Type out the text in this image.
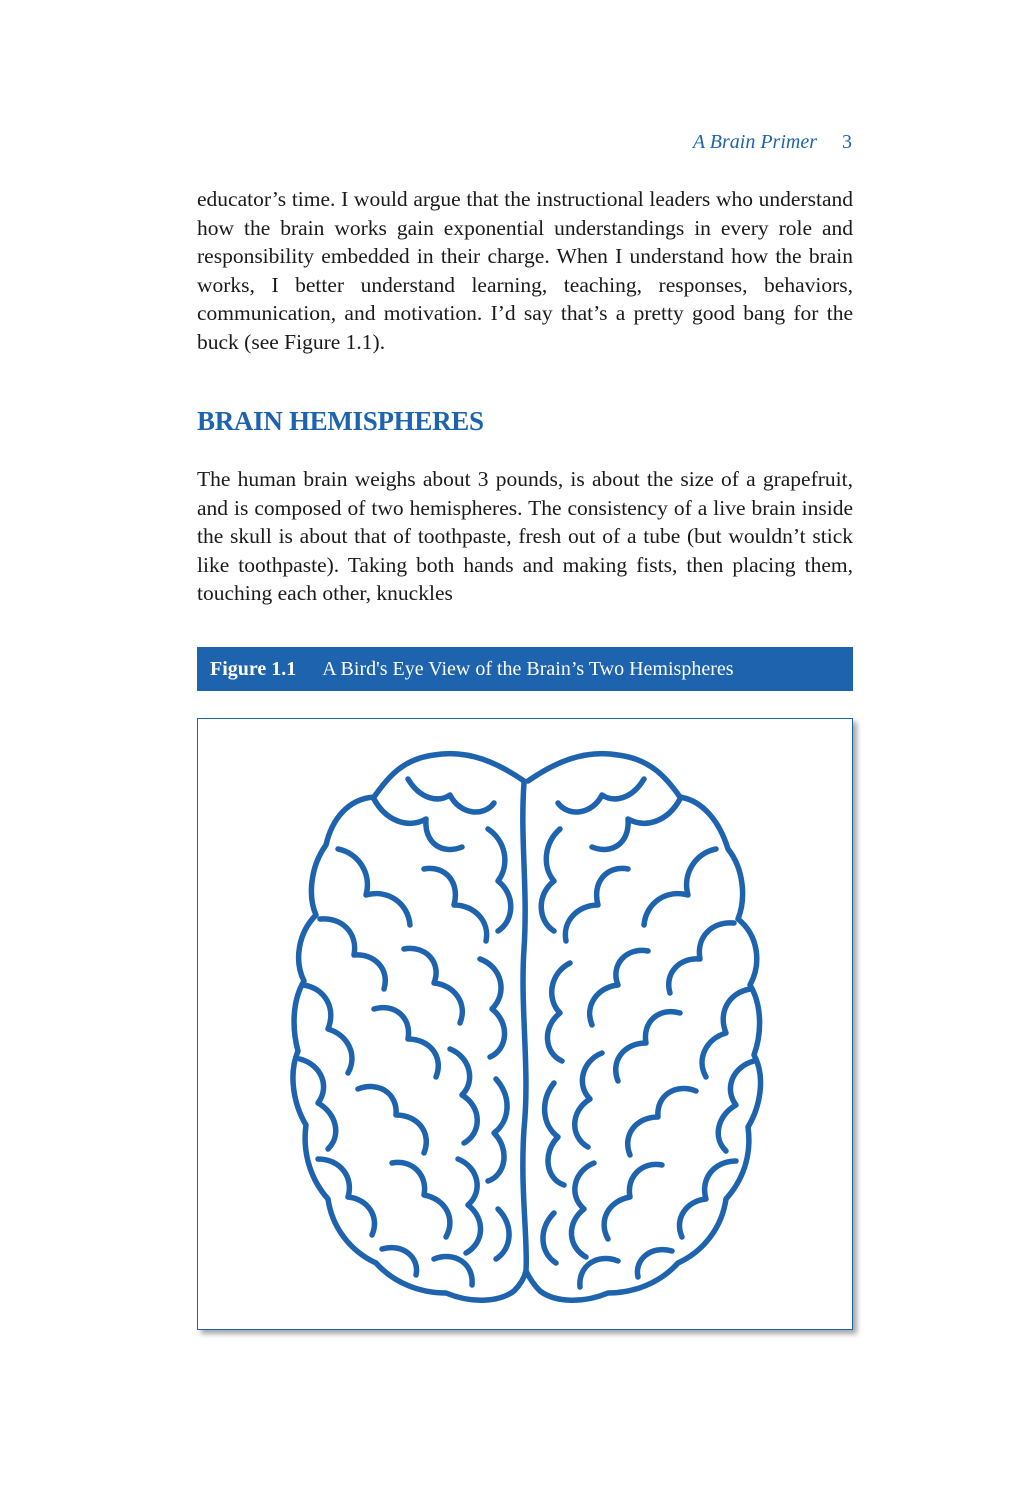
A Brain Primer 3

educator’s time. I would argue that the instructional leaders who understand how the brain works gain exponential understandings in every role and responsibility embedded in their charge. When I understand how the brain works, I better understand learning, teaching, responses, behaviors, communication, and motivation. I’d say that’s a pretty good bang for the buck (see Figure 1.1).

BRAIN HEMISPHERES

The human brain weighs about 3 pounds, is about the size of a grapefruit, and is composed of two hemispheres. The consistency of a live brain inside the skull is about that of toothpaste, fresh out of a tube (but wouldn’t stick like toothpaste). Taking both hands and making fists, then placing them, touching each other, knuckles

Figure 1.1 A Bird's Eye View of the Brain’s Two Hemispheres
